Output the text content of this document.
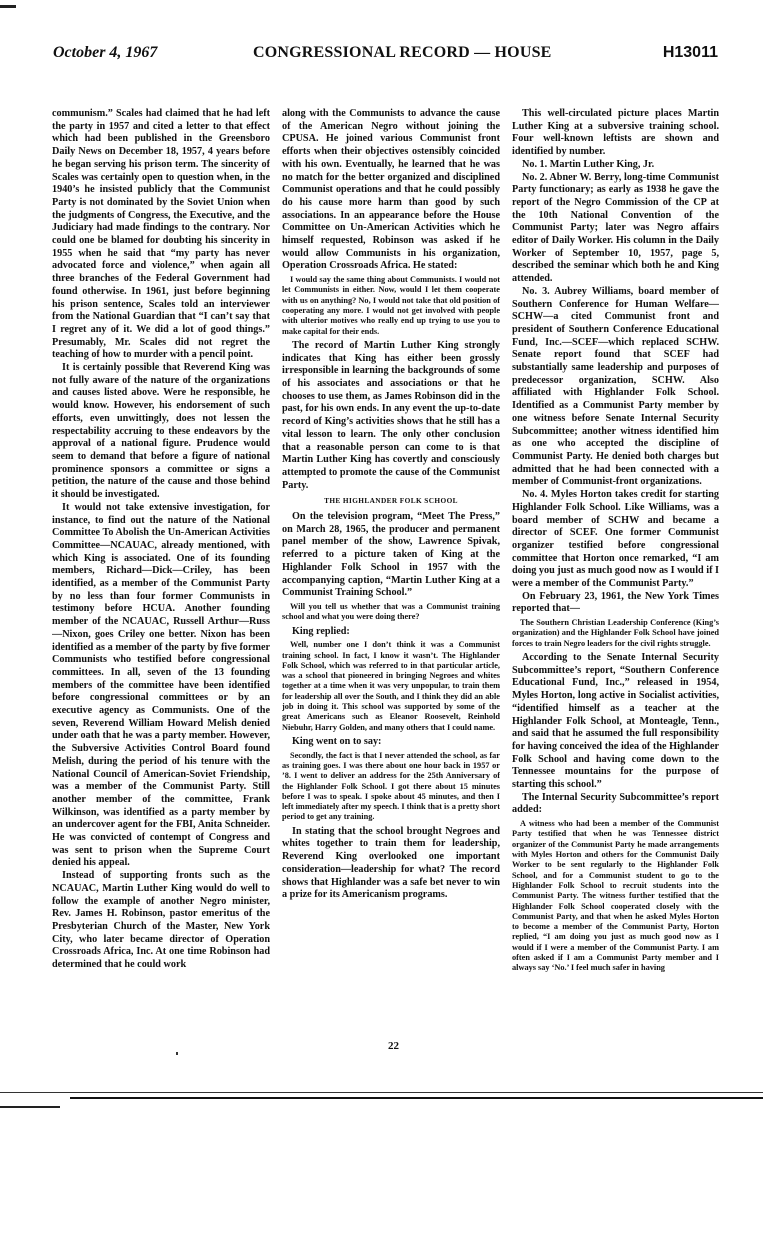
October 4, 1967	CONGRESSIONAL RECORD — HOUSE	H13011

communism.” Scales had claimed that he had left the party in 1957 and cited a letter to that effect which had been published in the Greensboro Daily News on December 18, 1957, 4 years before he began serving his prison term. The sincerity of Scales was certainly open to question when, in the 1940’s he insisted publicly that the Communist Party is not dominated by the Soviet Union when the judgments of Congress, the Executive, and the Judiciary had made findings to the contrary. Nor could one be blamed for doubting his sincerity in 1955 when he said that “my party has never advocated force and violence,” when again all three branches of the Federal Government had found otherwise. In 1961, just before beginning his prison sentence, Scales told an interviewer from the National Guardian that “I can’t say that I regret any of it. We did a lot of good things.” Presumably, Mr. Scales did not regret the teaching of how to murder with a pencil point.

It is certainly possible that Reverend King was not fully aware of the nature of the organizations and causes listed above. Were he responsible, he would know. However, his endorsement of such efforts, even unwittingly, does not lessen the respectability accruing to these endeavors by the approval of a national figure. Prudence would seem to demand that before a figure of national prominence sponsors a committee or signs a petition, the nature of the cause and those behind it should be investigated.

It would not take extensive investigation, for instance, to find out the nature of the National Committee To Abolish the Un-American Activities Committee—NCAUAC, already mentioned, with which King is associated. One of its founding members, Richard—Dick—Criley, has been identified, as a member of the Communist Party by no less than four former Communists in testimony before HCUA. Another founding member of the NCAUAC, Russell Arthur—Russ—Nixon, goes Criley one better. Nixon has been identified as a member of the party by five former Communists who testified before congressional committees. In all, seven of the 13 founding members of the committee have been identified before congressional committees or by an executive agency as Communists. One of the seven, Reverend William Howard Melish denied under oath that he was a party member. However, the Subversive Activities Control Board found Melish, during the period of his tenure with the National Council of American-Soviet Friendship, was a member of the Communist Party. Still another member of the committee, Frank Wilkinson, was identified as a party member by an undercover agent for the FBI, Anita Schneider. He was convicted of contempt of Congress and was sent to prison when the Supreme Court denied his appeal.

Instead of supporting fronts such as the NCAUAC, Martin Luther King would do well to follow the example of another Negro minister, Rev. James H. Robinson, pastor emeritus of the Presbyterian Church of the Master, New York City, who later became director of Operation Crossroads Africa, Inc. At one time Robinson had determined that he could work

along with the Communists to advance the cause of the American Negro without joining the CPUSA. He joined various Communist front efforts when their objectives ostensibly coincided with his own. Eventually, he learned that he was no match for the better organized and disciplined Communist operations and that he could possibly do his cause more harm than good by such associations. In an appearance before the House Committee on Un-American Activities which he himself requested, Robinson was asked if he would allow Communists in his organization, Operation Crossroads Africa. He stated:

I would say the same thing about Communists. I would not let Communists in either. Now, would I let them cooperate with us on anything? No, I would not take that old position of cooperating any more. I would not get involved with people with ulterior motives who really end up trying to use you to make capital for their ends.

The record of Martin Luther King strongly indicates that King has either been grossly irresponsible in learning the backgrounds of some of his associates and associations or that he chooses to use them, as James Robinson did in the past, for his own ends. In any event the up-to-date record of King’s activities shows that he still has a vital lesson to learn. The only other conclusion that a reasonable person can come to is that Martin Luther King has covertly and consciously attempted to promote the cause of the Communist Party.

THE HIGHLANDER FOLK SCHOOL

On the television program, “Meet The Press,” on March 28, 1965, the producer and permanent panel member of the show, Lawrence Spivak, referred to a picture taken of King at the Highlander Folk School in 1957 with the accompanying caption, “Martin Luther King at a Communist Training School.”

Will you tell us whether that was a Communist training school and what you were doing there?

King replied:

Well, number one I don’t think it was a Communist training school. In fact, I know it wasn’t. The Highlander Folk School, which was referred to in that particular article, was a school that pioneered in bringing Negroes and whites together at a time when it was very unpopular, to train them for leadership all over the South, and I think they did an able job in doing it. This school was supported by some of the great Americans such as Eleanor Roosevelt, Reinhold Niebuhr, Harry Golden, and many others that I could name.

King went on to say:

Secondly, the fact is that I never attended the school, as far as training goes. I was there about one hour back in 1957 or ’8. I went to deliver an address for the 25th Anniversary of the Highlander Folk School. I got there about 15 minutes before I was to speak. I spoke about 45 minutes, and then I left immediately after my speech. I think that is a pretty short period to get any training.

In stating that the school brought Negroes and whites together to train them for leadership, Reverend King overlooked one important consideration—leadership for what? The record shows that Highlander was a safe bet never to win a prize for its Americanism programs.

This well-circulated picture places Martin Luther King at a subversive training school. Four well-known leftists are shown and identified by number.

No. 1. Martin Luther King, Jr.

No. 2. Abner W. Berry, long-time Communist Party functionary; as early as 1938 he gave the report of the Negro Commission of the CP at the 10th National Convention of the Communist Party; later was Negro affairs editor of Daily Worker. His column in the Daily Worker of September 10, 1957, page 5, described the seminar which both he and King attended.

No. 3. Aubrey Williams, board member of Southern Conference for Human Welfare—SCHW—a cited Communist front and president of Southern Conference Educational Fund, Inc.—SCEF—which replaced SCHW. Senate report found that SCEF had substantially same leadership and purposes of predecessor organization, SCHW. Also affiliated with Highlander Folk School. Identified as a Communist Party member by one witness before Senate Internal Security Subcommittee; another witness identified him as one who accepted the discipline of Communist Party. He denied both charges but admitted that he had been connected with a member of Communist-front organizations.

No. 4. Myles Horton takes credit for starting Highlander Folk School. Like Williams, was a board member of SCHW and became a director of SCEF. One former Communist organizer testified before congressional committee that Horton once remarked, “I am doing you just as much good now as I would if I were a member of the Communist Party.”

On February 23, 1961, the New York Times reported that—

The Southern Christian Leadership Conference (King’s organization) and the Highlander Folk School have joined forces to train Negro leaders for the civil rights struggle.

According to the Senate Internal Security Subcommittee’s report, “Southern Conference Educational Fund, Inc.,” released in 1954, Myles Horton, long active in Socialist activities, “identified himself as a teacher at the Highlander Folk School, at Monteagle, Tenn., and said that he assumed the full responsibility for having conceived the idea of the Highlander Folk School and having come down to the Tennessee mountains for the purpose of starting this school.”

The Internal Security Subcommittee’s report added:

A witness who had been a member of the Communist Party testified that when he was Tennessee district organizer of the Communist Party he made arrangements with Myles Horton and others for the Communist Daily Worker to be sent regularly to the Highlander Folk School, and for a Communist student to go to the Highlander Folk School to recruit students into the Communist Party. The witness further testified that the Highlander Folk School cooperated closely with the Communist Party, and that when he asked Myles Horton to become a member of the Communist Party, Horton replied, “I am doing you just as much good now as I would if I were a member of the Communist Party. I am often asked if I am a Communist Party member and I always say ‘No.’ I feel much safer in having

22
